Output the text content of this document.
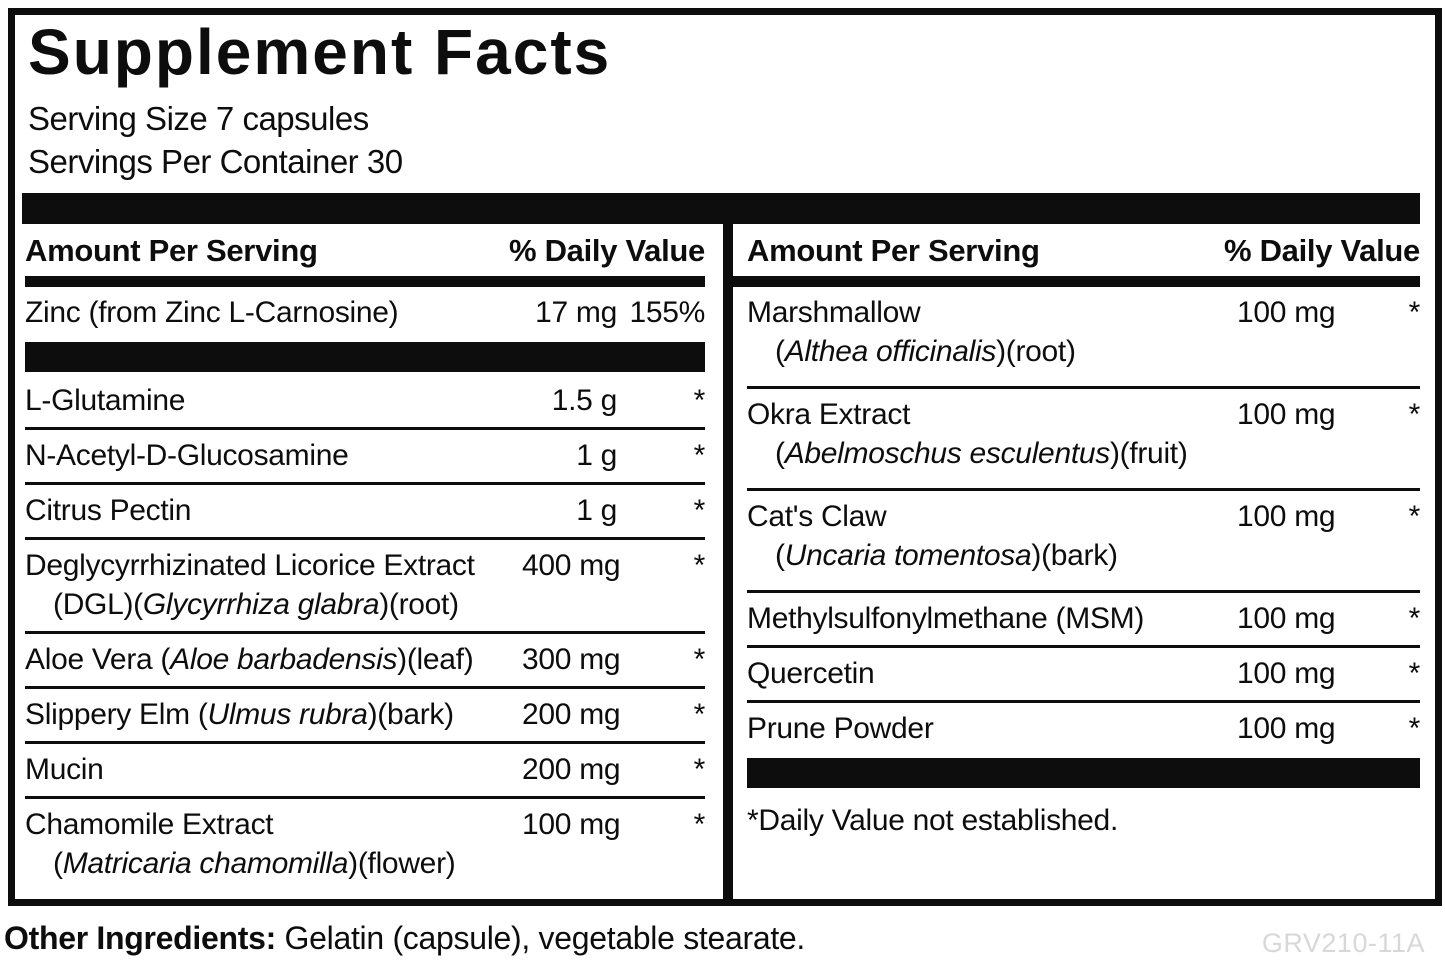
Supplement Facts
Serving Size 7 capsules
Servings Per Container 30
Amount Per Serving	% Daily Value
Zinc (from Zinc L-Carnosine)	17 mg 155%
L-Glutamine	1.5 g	*
N-Acetyl-D-Glucosamine	1 g	*
Citrus Pectin	1 g	*
Deglycyrrhizinated Licorice Extract	400 mg	*
(DGL)(Glycyrrhiza glabra)(root)
Aloe Vera (Aloe barbadensis)(leaf)	300 mg	*
Slippery Elm (Ulmus rubra)(bark)	200 mg	*
Mucin	200 mg	*
Chamomile Extract	100 mg	*
(Matricaria chamomilla)(flower)
Amount Per Serving	% Daily Value
Marshmallow	100 mg	*
(Althea officinalis)(root)
Okra Extract	100 mg	*
(Abelmoschus esculentus)(fruit)
Cat's Claw	100 mg	*
(Uncaria tomentosa)(bark)
Methylsulfonylmethane (MSM)	100 mg	*
Quercetin	100 mg	*
Prune Powder	100 mg	*
*Daily Value not established.
Other Ingredients: Gelatin (capsule), vegetable stearate.	GRV210-11A
